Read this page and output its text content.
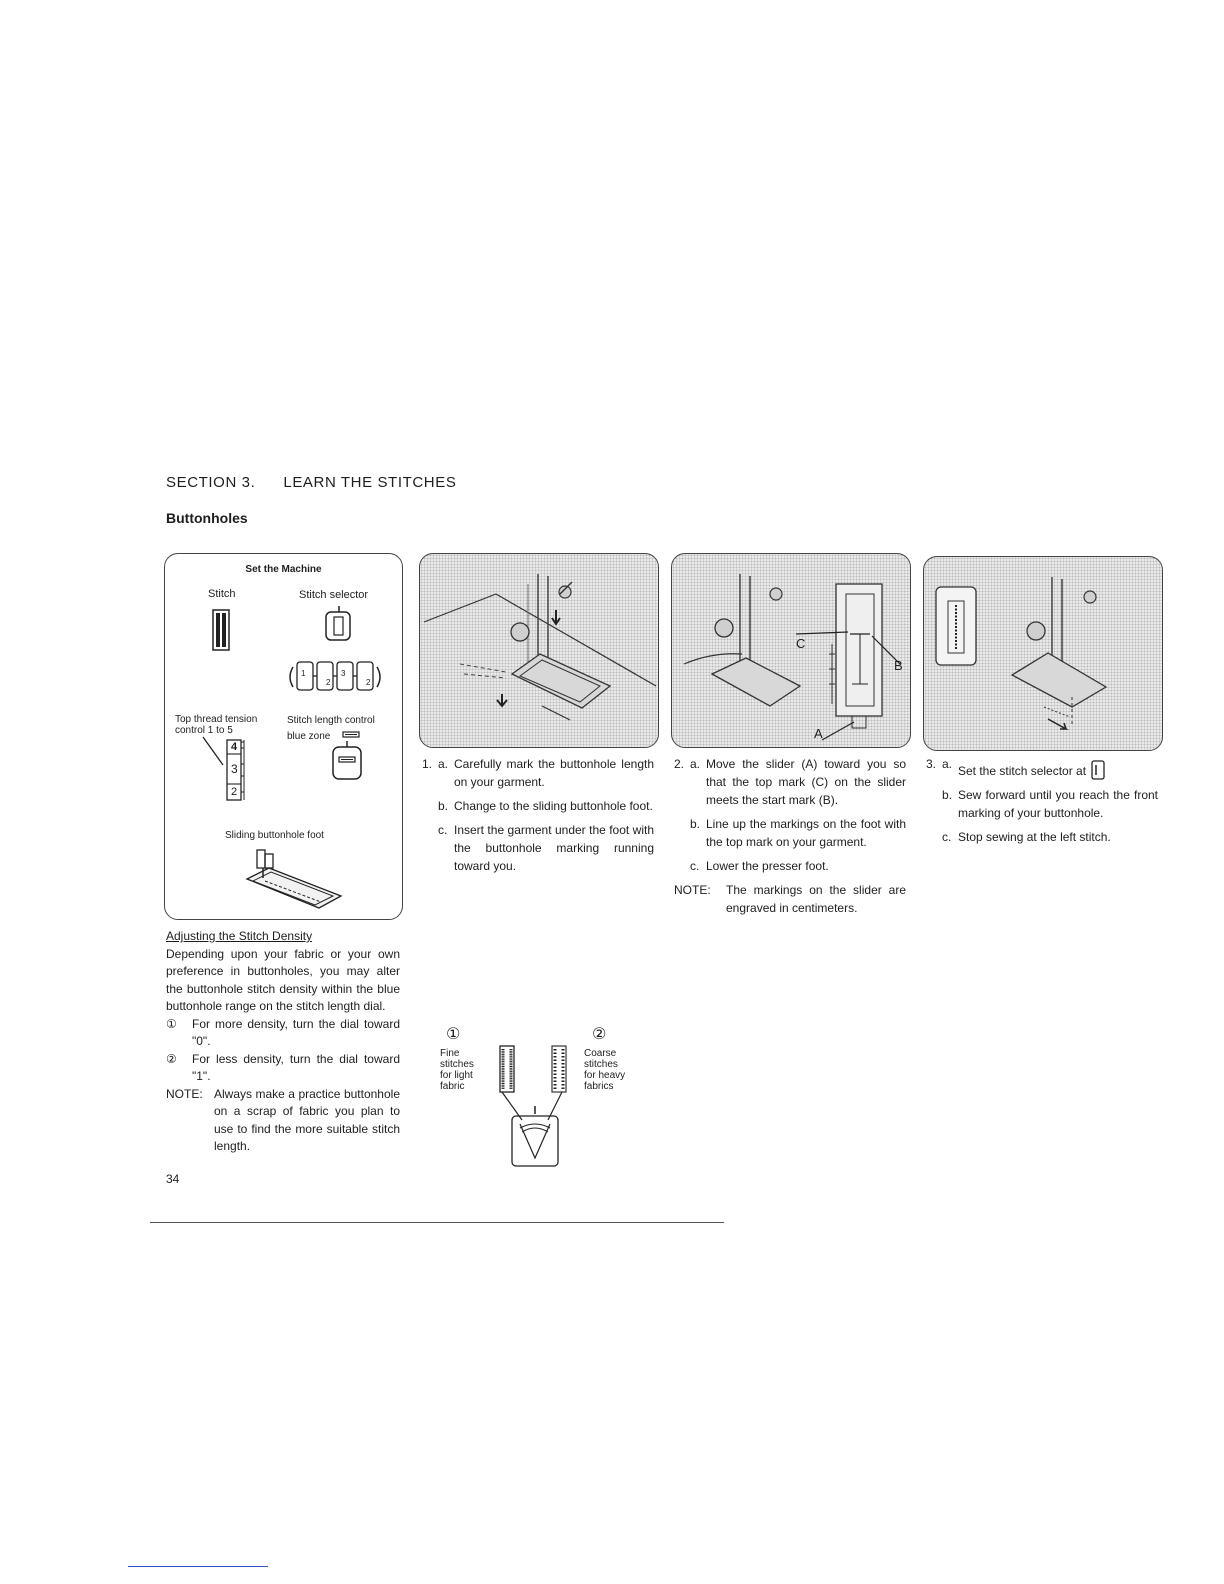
SECTION 3. LEARN THE STITCHES
Buttonholes
Set the Machine
Stitch	Stitch selector
1
2
3
2
Top thread tension
control 1 to 5
Stitch length control
blue zone
4
3
2
Sliding buttonhole foot
C
B
A
1. a. Carefully mark the buttonhole length on your garment.
b. Change to the sliding buttonhole foot.
c. Insert the garment under the foot with the buttonhole marking running toward you.
2. a. Move the slider (A) toward you so that the top mark (C) on the slider meets the start mark (B).
b. Line up the markings on the foot with the top mark on your garment.
c. Lower the presser foot.
NOTE:	The markings on the slider are engraved in centimeters.
3. a. Set the stitch selector at
b. Sew forward until you reach the front marking of your buttonhole.
c. Stop sewing at the left stitch.
Adjusting the Stitch Density

Depending upon your fabric or your own preference in buttonholes, you may alter the buttonhole stitch density within the blue buttonhole range on the stitch length dial.

①	For more density, turn the dial toward "0".
②	For less density, turn the dial toward "1".
NOTE: Always make a practice buttonhole on a scrap of fabric you plan to use to find the more suitable stitch length.
①	②
Fine
stitches
for light
fabric
Coarse
stitches
for heavy
fabrics
34
